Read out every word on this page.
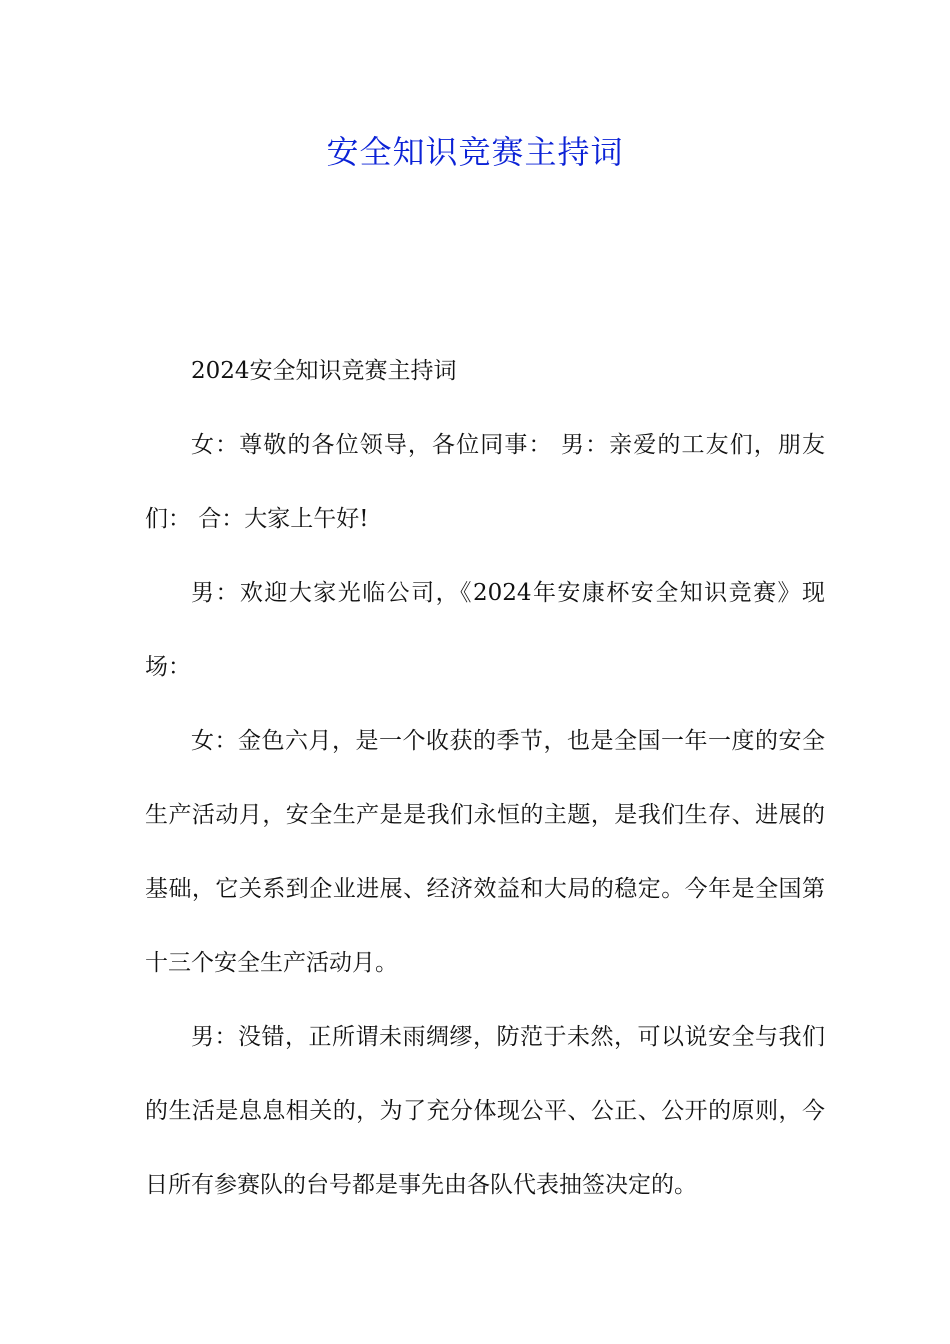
安全知识竞赛主持词

2024安全知识竞赛主持词

女：尊敬的各位领导，各位同事： 男：亲爱的工友们，朋友们： 合：大家上午好!

男：欢迎大家光临公司，《2024年安康杯安全知识竞赛》现场：

女：金色六月，是一个收获的季节，也是全国一年一度的安全生产活动月，安全生产是是我们永恒的主题，是我们生存、进展的基础，它关系到企业进展、经济效益和大局的稳定。今年是全国第十三个安全生产活动月。

男：没错，正所谓未雨绸缪，防范于未然，可以说安全与我们的生活是息息相关的，为了充分体现公平、公正、公开的原则，今日所有参赛队的台号都是事先由各队代表抽签决定的。
